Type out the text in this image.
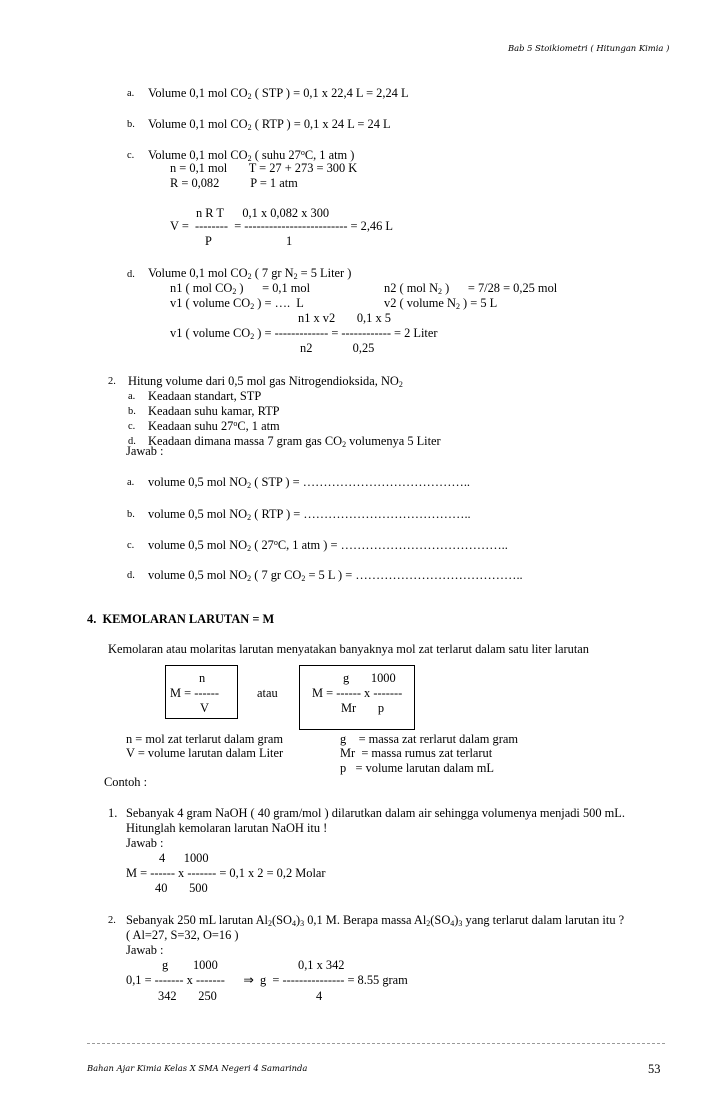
Bab 5 Stoikiometri ( Hitungan Kimia )
a. Volume 0,1 mol $CO_2$ ( STP ) = 0,1 x 22,4 L = 2,24 L
b. Volume 0,1 mol $CO_2$ ( RTP ) = 0,1 x 24 L = 24 L
c. Volume 0,1 mol $CO_2$ ( suhu 27$^o$C, 1 atm )
n = 0,1 mol       T = 27 + 273 = 300 K
R = 0,082          P = 1 atm
n R T      0,1 x 0,082 x 300
V =  --------  = ------------------------- = 2,46 L
P	1
d. Volume 0,1 mol $CO_2$ ( 7 gr $N_2 = 5$ Liter )
n1 ( mol $CO_2$ )      = 0,1 mol	n2 ( mol $N_2$ )      = 7/28 = 0,25 mol
v1 ( volume $CO_2$ ) = ….  L	v2 ( volume $N_2$ ) = 5 L
n1 x v2       0,1 x 5
v1 ( volume $CO_2$ ) = ------------- = ------------ = 2 Liter
n2             0,25
2. Hitung volume dari 0,5 mol gas Nitrogendioksida, $NO_2$
a. Keadaan standart, STP
b. Keadaan suhu kamar, RTP
c. Keadaan suhu 27$^o$C, 1 atm
d. Keadaan dimana massa 7 gram gas $CO_2$ volumenya 5 Liter
Jawab :
a. volume 0,5 mol $NO_2$ ( STP ) = …………………………………..
b. volume 0,5 mol $NO_2$ ( RTP ) = …………………………………..
c. volume 0,5 mol $NO_2$ ( 27$^o$C, 1 atm ) = …………………………………..
d. volume 0,5 mol $NO_2$ ( 7 gr $CO_2 = 5$ L ) = …………………………………..
4.  KEMOLARAN LARUTAN = M
Kemolaran atau molaritas larutan menyatakan banyaknya mol zat terlarut dalam satu liter larutan
n
M = ------
V
atau
g       1000
M = ------ x -------
Mr       p
n = mol zat terlarut dalam gram
V = volume larutan dalam Liter
g    = massa zat rerlarut dalam gram
Mr  = massa rumus zat terlarut
p   = volume larutan dalam mL
Contoh :
1. Sebanyak 4 gram NaOH ( 40 gram/mol ) dilarutkan dalam air sehingga volumenya menjadi 500 mL.
Hitunglah kemolaran larutan NaOH itu !
Jawab :
4      1000
M = ------ x ------- = 0,1 x 2 = 0,2 Molar
40       500
2. Sebanyak 250 mL larutan $Al_2(SO_4)_3$ 0,1 M. Berapa massa $Al_2(SO_4)_3$ yang terlarut dalam larutan itu ?
( Al=27, S=32, O=16 )
Jawab :
g        1000	0,1 x 342
0,1 = ------- x -------      ⇒  g  = --------------- = 8.55 gram
342       250	4
Bahan Ajar Kimia Kelas X SMA Negeri 4 Samarinda	53
